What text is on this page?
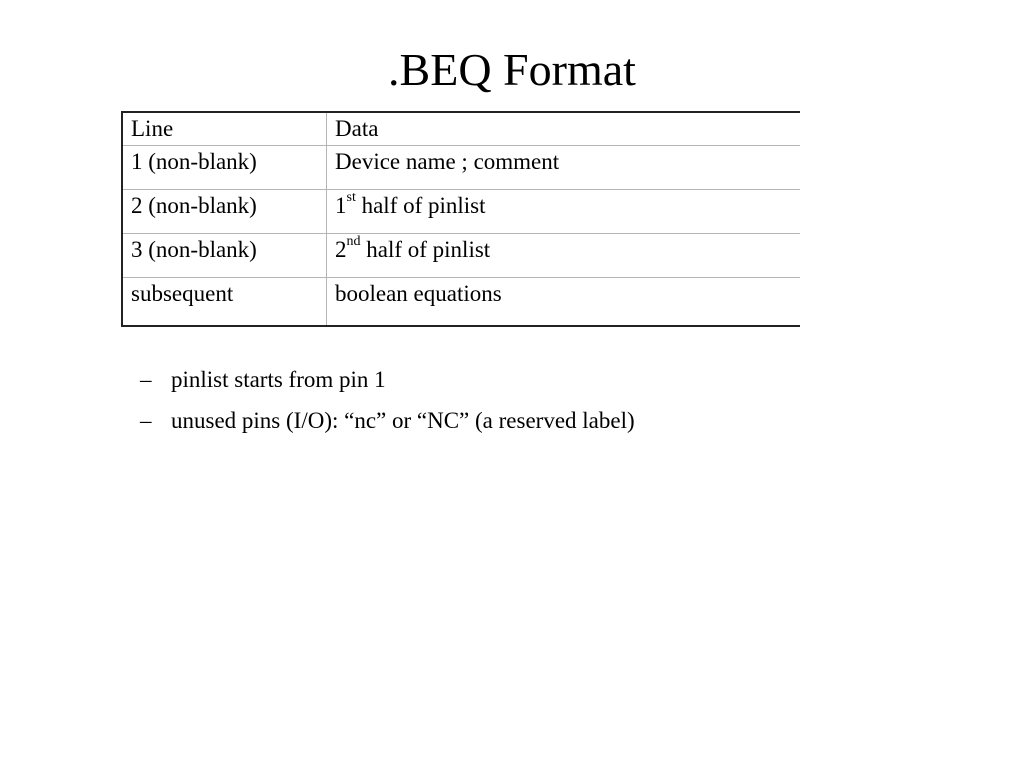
.BEQ Format
Line	Data
1 (non-blank)	Device name ; comment
2 (non-blank)	1st half of pinlist
3 (non-blank)	2nd half of pinlist
subsequent	boolean equations
– pinlist starts from pin 1
– unused pins (I/O): “nc” or “NC” (a reserved label)
